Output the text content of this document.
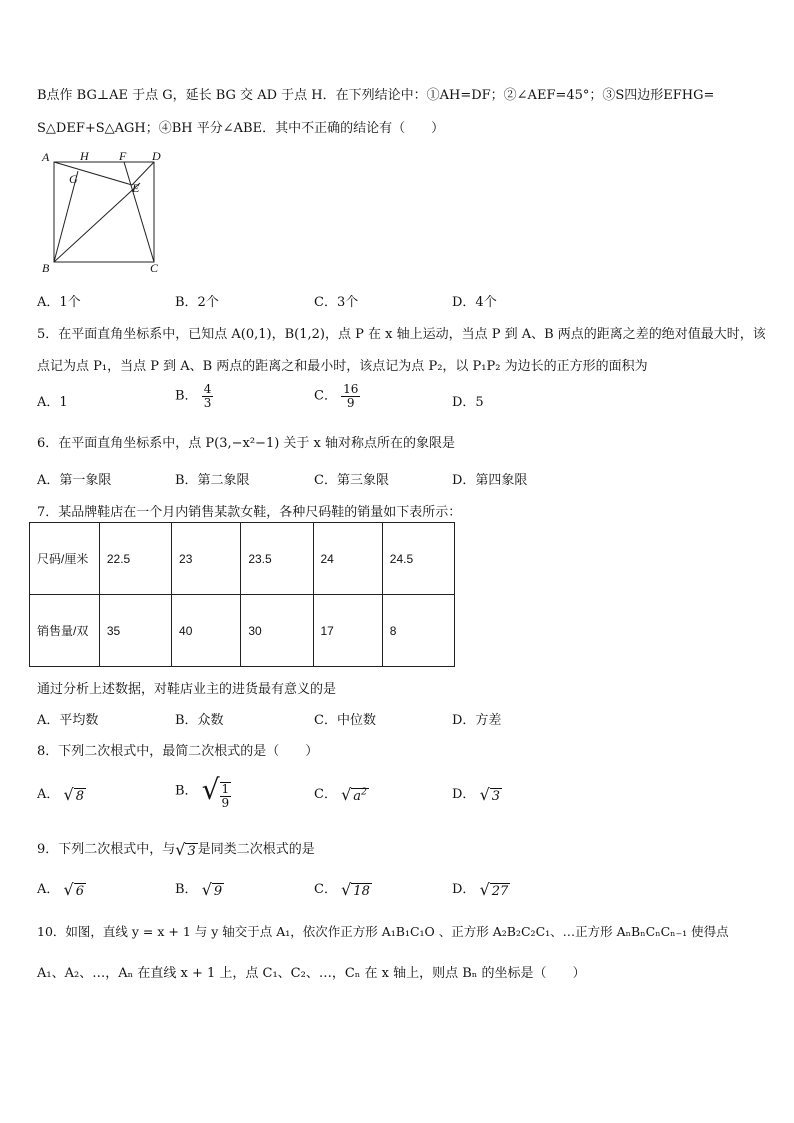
B点作 BG⊥AE 于点 G，延长 BG 交 AD 于点 H．在下列结论中：①AH=DF；②∠AEF=45°；③S四边形EFHG=
S△DEF+S△AGH；④BH 平分∠ABE．其中不正确的结论有（　　）
A	H	F D
G
E
B	C
A．1个	B．2个	C．3个	D．4个
5．在平面直角坐标系中，已知点 A(0,1)，B(1,2)，点 P 在 x 轴上运动，当点 P 到 A、B 两点的距离之差的绝对值最大时，该
点记为点 P₁，当点 P 到 A、B 两点的距离之和最小时，该点记为点 P₂，以 P₁P₂ 为边长的正方形的面积为
A．1	B． $\frac{4}{3}$	C． $\frac{16}{9}$	D．5
6．在平面直角坐标系中，点 P(3,−x²−1) 关于 x 轴对称点所在的象限是
A．第一象限	B．第二象限	C．第三象限	D．第四象限
7．某品牌鞋店在一个月内销售某款女鞋，各种尺码鞋的销量如下表所示：
尺码/厘米	22.5	23	23.5	24	24.5
销售量/双	35	40	30	17	8
通过分析上述数据，对鞋店业主的进货最有意义的是
A．平均数	B．众数	C．中位数	D．方差
8．下列二次根式中，最简二次根式的是（　　）
A． √ 8	B． √ $\frac{1}{9}$	C． √ $a^2$	D． √ 3
9．下列二次根式中，与√ 3 是同类二次根式的是
A． √ 6	B． √ 9	C． √ 18	D． √ 27
10．如图，直线 y = x + 1 与 y 轴交于点 A₁，依次作正方形 A₁B₁C₁O 、正方形 A₂B₂C₂C₁、…正方形 AₙBₙCₙCₙ₋₁ 使得点
A₁、A₂、…，Aₙ 在直线 x + 1 上，点 C₁、C₂、…，Cₙ 在 x 轴上，则点 Bₙ 的坐标是（　　）
